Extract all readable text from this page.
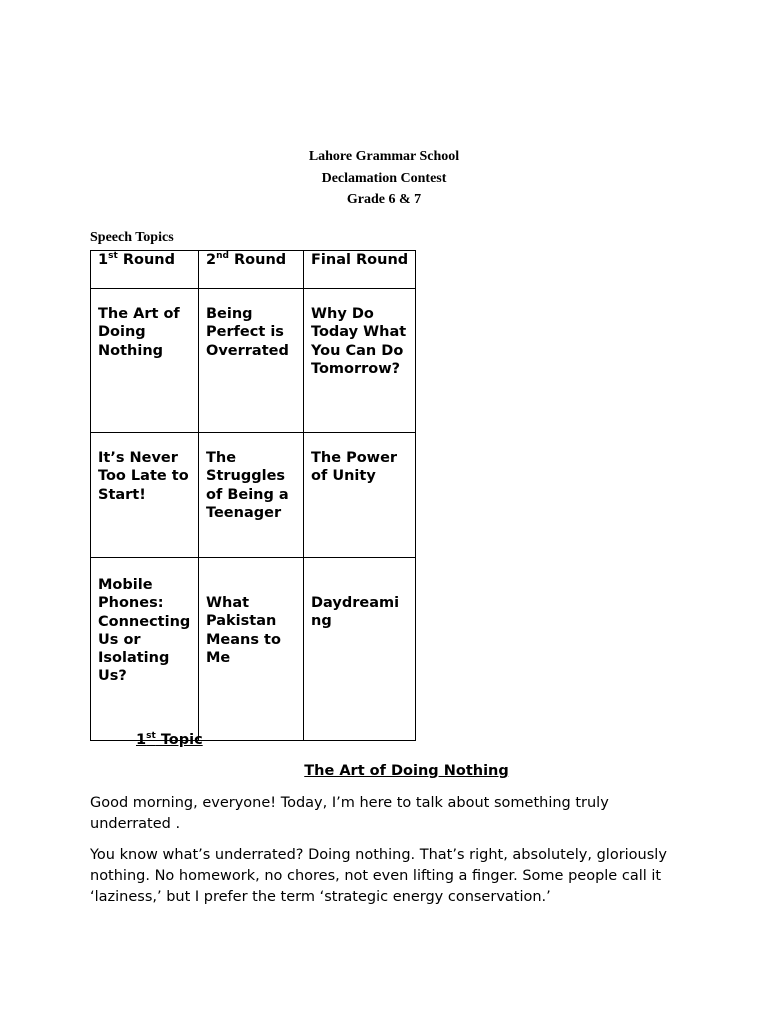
Lahore Grammar School
Declamation Contest
Grade 6 & 7
Speech Topics
1st Round	2nd Round	Final Round

The Art of Doing Nothing	Being Perfect is Overrated	Why Do Today What You Can Do Tomorrow?

It’s Never Too Late to Start!	The Struggles of Being a Teenager	The Power of Unity

Mobile Phones: Connecting Us or Isolating Us?	What Pakistan Means to Me	Daydreaming
1st Topic
The Art of Doing Nothing

Good morning, everyone! Today, I’m here to talk about something truly underrated .

You know what’s underrated? Doing nothing. That’s right, absolutely, gloriously nothing. No homework, no chores, not even lifting a finger. Some people call it ‘laziness,’ but I prefer the term ‘strategic energy conservation.’
